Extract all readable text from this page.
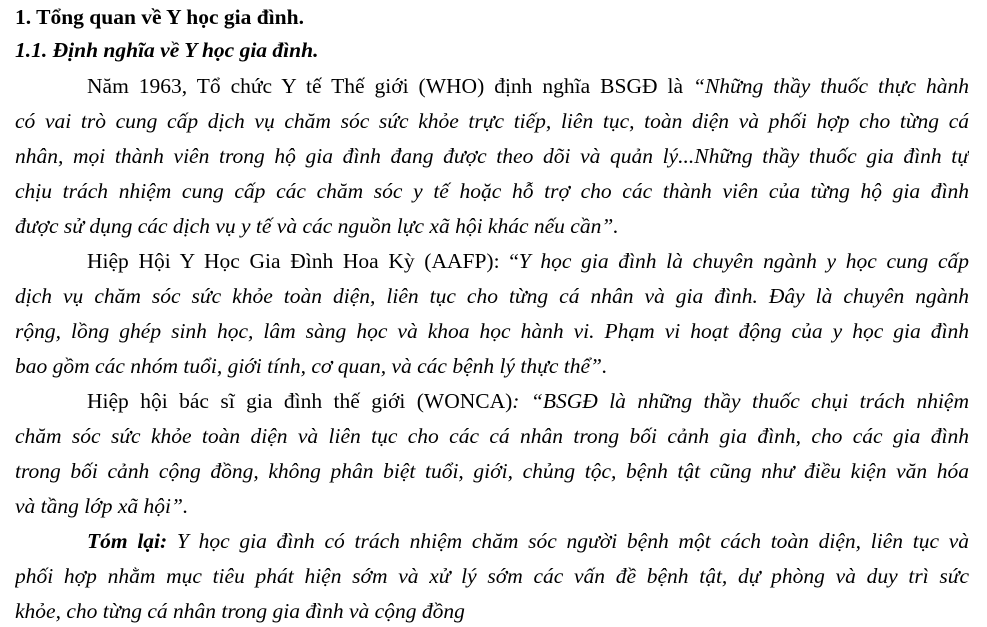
1. Tổng quan về Y học gia đình.
1.1. Định nghĩa về Y học gia đình.
Năm 1963, Tổ chức Y tế Thế giới (WHO) định nghĩa BSGĐ là “Những thầy thuốc thực hành
có vai trò cung cấp dịch vụ chăm sóc sức khỏe trực tiếp, liên tục, toàn diện và phối hợp cho từng cá
nhân, mọi thành viên trong hộ gia đình đang được theo dõi và quản lý...Những thầy thuốc gia đình tự
chịu trách nhiệm cung cấp các chăm sóc y tế hoặc hỗ trợ cho các thành viên của từng hộ gia đình
được sử dụng các dịch vụ y tế và các nguồn lực xã hội khác nếu cần”.
Hiệp Hội Y Học Gia Đình Hoa Kỳ (AAFP): “Y học gia đình là chuyên ngành y học cung cấp
dịch vụ chăm sóc sức khỏe toàn diện, liên tục cho từng cá nhân và gia đình. Đây là chuyên ngành
rộng, lồng ghép sinh học, lâm sàng học và khoa học hành vi. Phạm vi hoạt động của y học gia đình
bao gồm các nhóm tuổi, giới tính, cơ quan, và các bệnh lý thực thể”.
Hiệp hội bác sĩ gia đình thế giới (WONCA): “BSGĐ là những thầy thuốc chụi trách nhiệm
chăm sóc sức khỏe toàn diện và liên tục cho các cá nhân trong bối cảnh gia đình, cho các gia đình
trong bối cảnh cộng đồng, không phân biệt tuổi, giới, chủng tộc, bệnh tật cũng như điều kiện văn hóa
và tầng lớp xã hội”.
Tóm lại: Y học gia đình có trách nhiệm chăm sóc người bệnh một cách toàn diện, liên tục và
phối hợp nhằm mục tiêu phát hiện sớm và xử lý sớm các vấn đề bệnh tật, dự phòng và duy trì sức
khỏe, cho từng cá nhân trong gia đình và cộng đồng
